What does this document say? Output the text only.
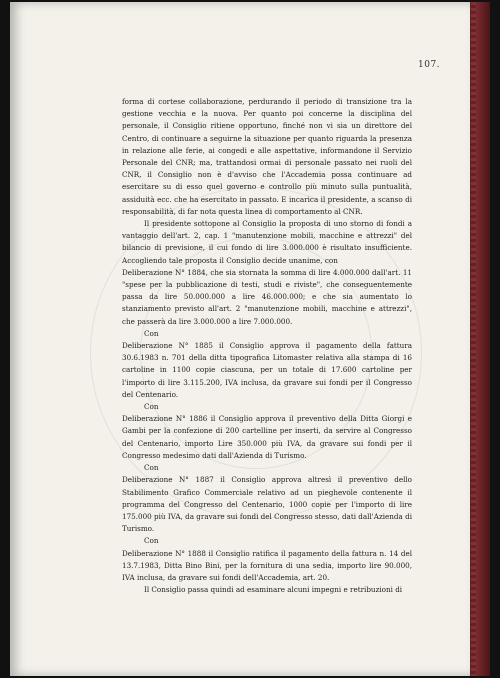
107.

forma di cortese collaborazione, perdurando il periodo di transizione tra la gestione vecchia e la nuova. Per quanto poi concerne la disciplina del personale, il Consiglio ritiene opportuno, finché non vi sia un direttore del Centro, di continuare a seguirne la situazione per quanto riguarda la presenza in relazione alle ferie, ai congedi e alle aspettative, informandone il Servizio Personale del CNR; ma, trattandosi ormai di personale passato nei ruoli del CNR, il Consiglio non è d'avviso che l'Accademia possa continuare ad esercitare su di esso quel governo e controllo più minuto sulla puntualità, assiduità ecc. che ha esercitato in passato. E incarica il presidente, a scanso di responsabilità, di far nota questa linea di comportamento al CNR.

Il presidente sottopone al Consiglio la proposta di uno storno di fondi a vantaggio dell'art. 2, cap. 1 "manutenzione mobili, macchine e attrezzi" del bilancio di previsione, il cui fondo di lire 3.000.000 è risultato insufficiente. Accogliendo tale proposta il Consiglio decide unanime, con

Deliberazione N° 1884, che sia stornata la somma di lire 4.000.000 dall'art. 11 "spese per la pubblicazione di testi, studi e riviste", che conseguentemente passa da lire 50.000.000 a lire 46.000.000; e che sia aumentato lo stanziamento previsto all'art. 2 "manutenzione mobili, macchine e attrezzi", che passerà da lire 3.000.000 a lire 7.000.000.

Con

Deliberazione N° 1885 il Consiglio approva il pagamento della fattura 30.6.1983 n. 701 della ditta tipografica Litomaster relativa alla stampa di 16 cartoline in 1100 copie ciascuna, per un totale di 17.600 cartoline per l'importo di lire 3.115.200, IVA inclusa, da gravare sui fondi per il Congresso del Centenario.

Con

Deliberazione N° 1886 il Consiglio approva il preventivo della Ditta Giorgi e Gambi per la confezione di 200 cartelline per inserti, da servire al Congresso del Centenario, importo Lire 350.000 più IVA, da gravare sui fondi per il Congresso medesimo dati dall'Azienda di Turismo.

Con

Deliberazione N° 1887 il Consiglio approva altresì il preventivo dello Stabilimento Grafico Commerciale relativo ad un pieghevole contenente il programma del Congresso del Centenario, 1000 copie per l'importo di lire 175.000 più IVA, da gravare sui fondi del Congresso stesso, dati dall'Azienda di Turismo.

Con

Deliberazione N° 1888 il Consiglio ratifica il pagamento della fattura n. 14 del 13.7.1983, Ditta Bino Bini, per la fornitura di una sedia, importo lire 90.000, IVA inclusa, da gravare sui fondi dell'Accademia, art. 20.

Il Consiglio passa quindi ad esaminare alcuni impegni e retribuzioni di
